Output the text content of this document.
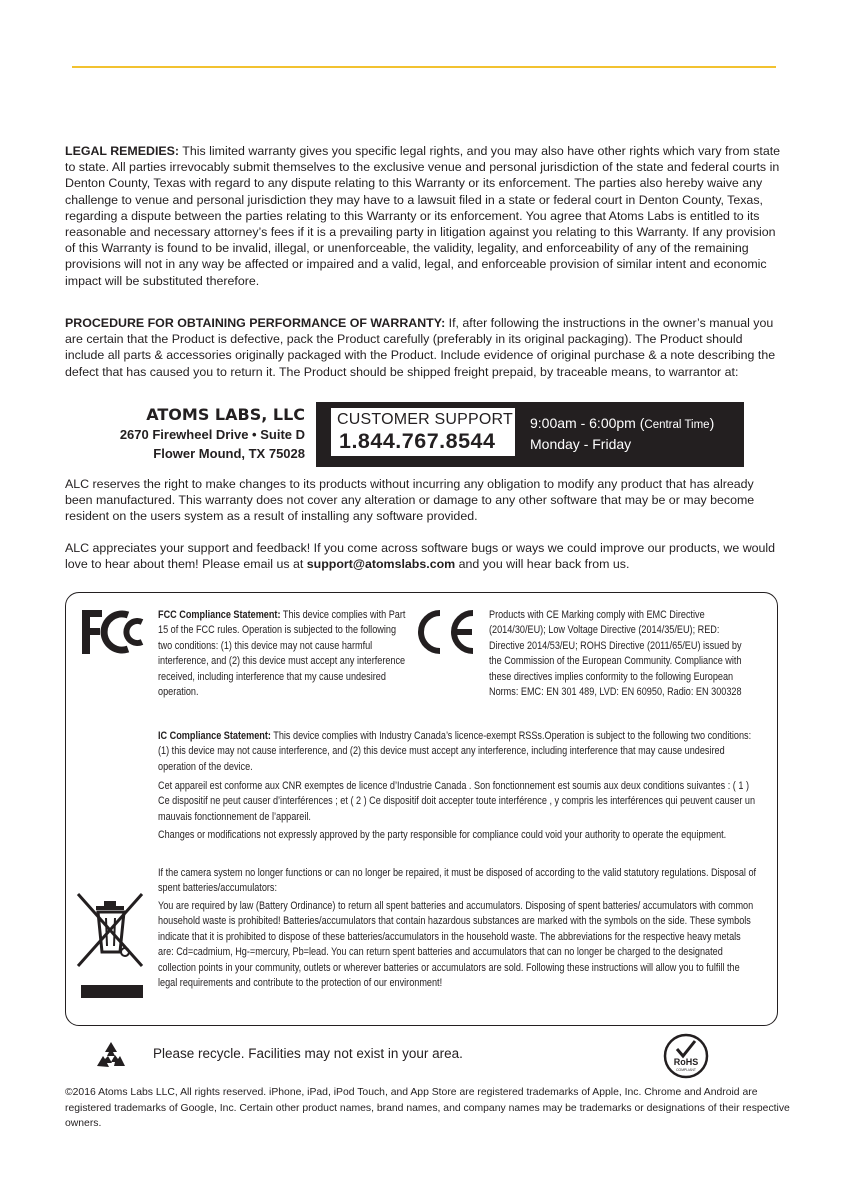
LEGAL REMEDIES: This limited warranty gives you specific legal rights, and you may also have other rights which vary from state to state. All parties irrevocably submit themselves to the exclusive venue and personal jurisdiction of the state and federal courts in Denton County, Texas with regard to any dispute relating to this Warranty or its enforcement. The parties also hereby waive any challenge to venue and personal jurisdiction they may have to a lawsuit filed in a state or federal court in Denton County, Texas, regarding a dispute between the parties relating to this Warranty or its enforcement. You agree that Atoms Labs is entitled to its reasonable and necessary attorney’s fees if it is a prevailing party in litigation against you relating to this Warranty. If any provision of this Warranty is found to be invalid, illegal, or unenforceable, the validity, legality, and enforceability of any of the remaining provisions will not in any way be affected or impaired and a valid, legal, and enforceable provision of similar intent and economic impact will be substituted therefore.

PROCEDURE FOR OBTAINING PERFORMANCE OF WARRANTY: If, after following the instructions in the owner’s manual you are certain that the Product is defective, pack the Product carefully (preferably in its original packaging). The Product should include all parts & accessories originally packaged with the Product. Include evidence of original purchase & a note describing the defect that has caused you to return it. The Product should be shipped freight prepaid, by traceable means, to warrantor at:

ATOMS LABS, LLC
2670 Firewheel Drive • Suite D
Flower Mound, TX 75028
CUSTOMER SUPPORT
1.844.767.8544
9:00am - 6:00pm (Central Time)
Monday - Friday

ALC reserves the right to make changes to its products without incurring any obligation to modify any product that has already been manufactured. This warranty does not cover any alteration or damage to any other software that may be or may become resident on the users system as a result of installing any software provided.

ALC appreciates your support and feedback! If you come across software bugs or ways we could improve our products, we would love to hear about them! Please email us at support@atomslabs.com and you will hear back from us.

FCC Compliance Statement: This device complies with Part 15 of the FCC rules. Operation is subjected to the following two conditions: (1) this device may not cause harmful interference, and (2) this device must accept any interference received, including interference that my cause undesired operation.
Products with CE Marking comply with EMC Directive (2014/30/EU); Low Voltage Directive (2014/35/EU); RED: Directive 2014/53/EU; ROHS Directive (2011/65/EU) issued by the Commission of the European Community. Compliance with these directives implies conformity to the following European Norms: EMC: EN 301 489, LVD: EN 60950, Radio: EN 300328
IC Compliance Statement: This device complies with Industry Canada’s licence-exempt RSSs.Operation is subject to the following two conditions: (1) this device may not cause interference, and (2) this device must accept any interference, including interference that may cause undesired operation of the device.
Cet appareil est conforme aux CNR exemptes de licence d’Industrie Canada . Son fonctionnement est soumis aux deux conditions suivantes : ( 1 ) Ce dispositif ne peut causer d’interférences ; et ( 2 ) Ce dispositif doit accepter toute interférence , y compris les interférences qui peuvent causer un mauvais fonctionnement de l’appareil.
Changes or modifications not expressly approved by the party responsible for compliance could void your authority to operate the equipment.
If the camera system no longer functions or can no longer be repaired, it must be disposed of according to the valid statutory regulations. Disposal of spent batteries/accumulators:
You are required by law (Battery Ordinance) to return all spent batteries and accumulators. Disposing of spent batteries/ accumulators with common household waste is prohibited! Batteries/accumulators that contain hazardous substances are marked with the symbols on the side. These symbols indicate that it is prohibited to dispose of these batteries/accumulators in the household waste. The abbreviations for the respective heavy metals are: Cd=cadmium, Hg-=mercury, Pb=lead. You can return spent batteries and accumulators that can no longer be charged to the designated collection points in your community, outlets or wherever batteries or accumulators are sold. Following these instructions will allow you to fulfill the legal requirements and contribute to the protection of our environment!
Please recycle. Facilities may not exist in your area.
RoHS
COMPLIANT
©2016 Atoms Labs LLC, All rights reserved. iPhone, iPad, iPod Touch, and App Store are registered trademarks of Apple, Inc. Chrome and Android are registered trademarks of Google, Inc. Certain other product names, brand names, and company names may be trademarks or designations of their respective owners.
